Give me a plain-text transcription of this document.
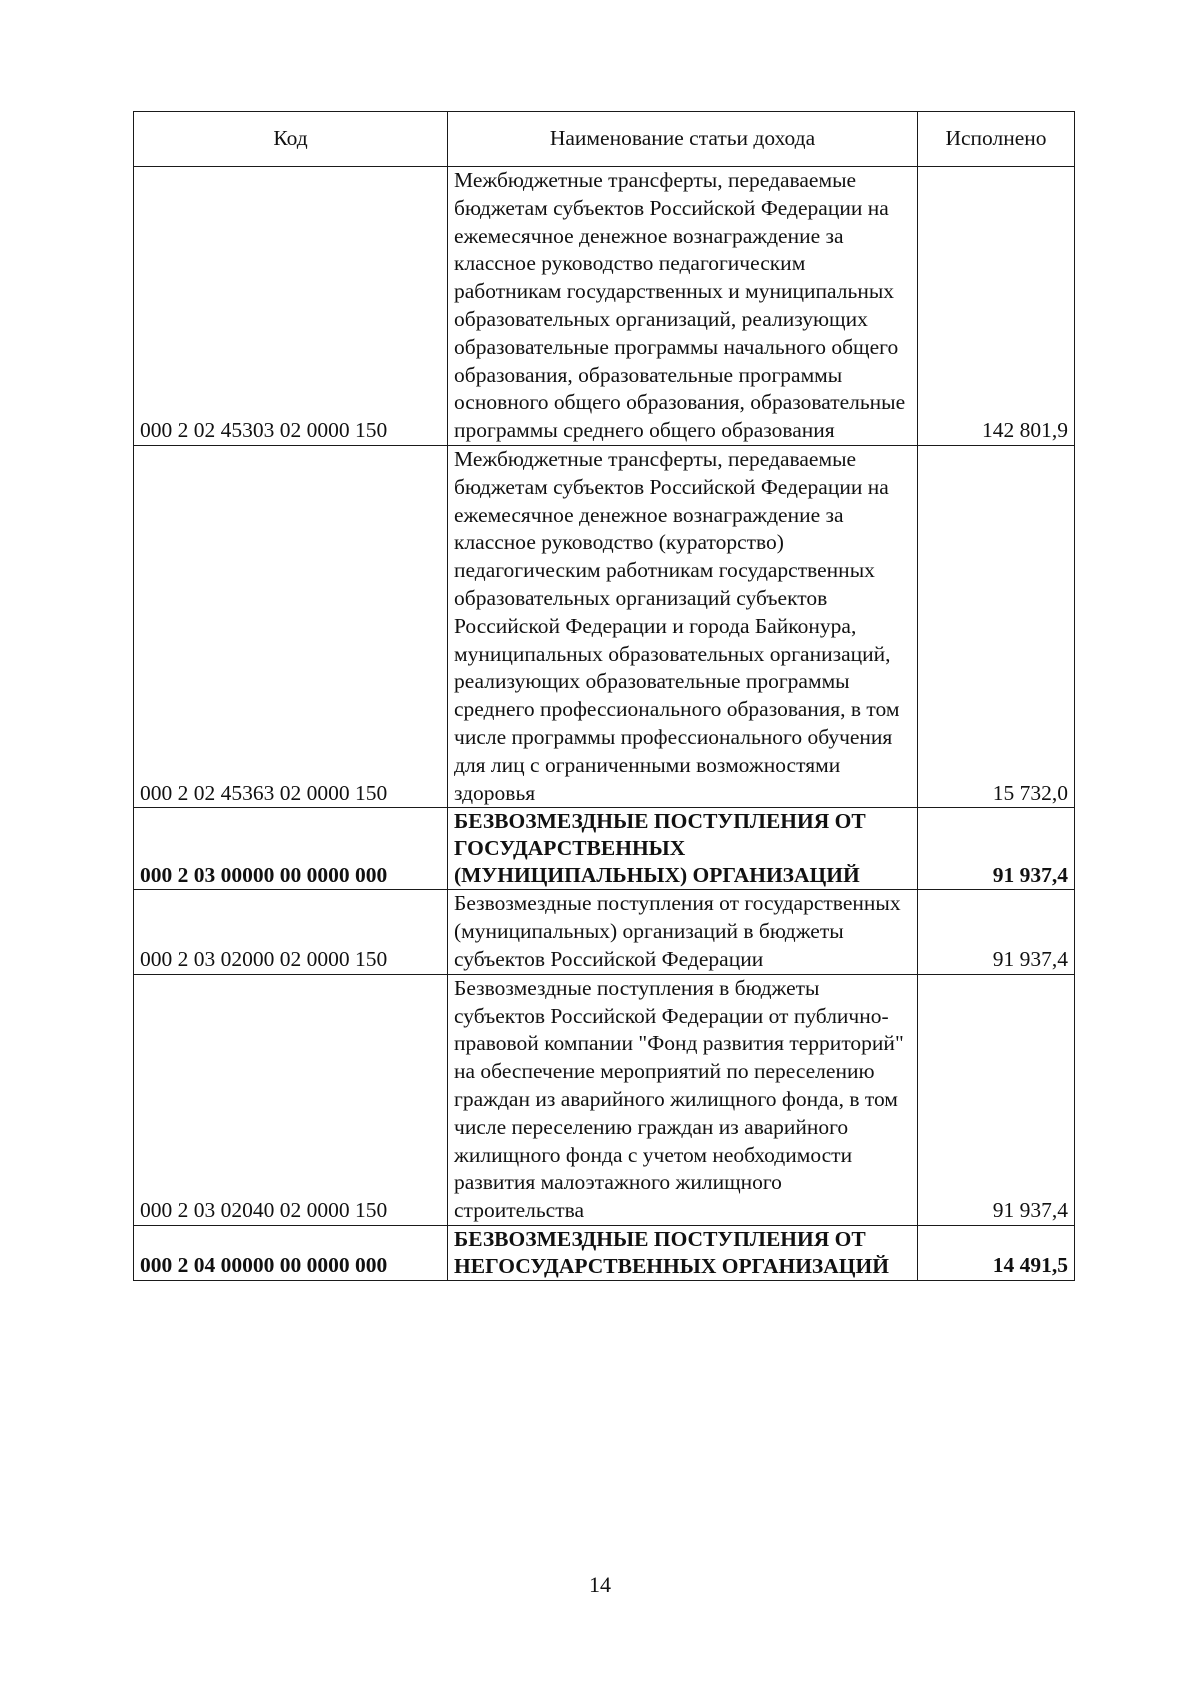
Код	Наименование статьи дохода	Исполнено
000 2 02 45303 02 0000 150	Межбюджетные трансферты, передаваемые бюджетам субъектов Российской Федерации на ежемесячное денежное вознаграждение за классное руководство педагогическим работникам государственных и муниципальных образовательных организаций, реализующих образовательные программы начального общего образования, образовательные программы основного общего образования, образовательные программы среднего общего образования	142 801,9
000 2 02 45363 02 0000 150	Межбюджетные трансферты, передаваемые бюджетам субъектов Российской Федерации на ежемесячное денежное вознаграждение за классное руководство (кураторство) педагогическим работникам государственных образовательных организаций субъектов Российской Федерации и города Байконура, муниципальных образовательных организаций, реализующих образовательные программы среднего профессионального образования, в том числе программы профессионального обучения для лиц с ограниченными возможностями здоровья	15 732,0
000 2 03 00000 00 0000 000	БЕЗВОЗМЕЗДНЫЕ ПОСТУПЛЕНИЯ ОТ ГОСУДАРСТВЕННЫХ (МУНИЦИПАЛЬНЫХ) ОРГАНИЗАЦИЙ	91 937,4
000 2 03 02000 02 0000 150	Безвозмездные поступления от государственных (муниципальных) организаций в бюджеты субъектов Российской Федерации	91 937,4
000 2 03 02040 02 0000 150	Безвозмездные поступления в бюджеты субъектов Российской Федерации от публично-правовой компании "Фонд развития территорий" на обеспечение мероприятий по переселению граждан из аварийного жилищного фонда, в том числе переселению граждан из аварийного жилищного фонда с учетом необходимости развития малоэтажного жилищного строительства	91 937,4
000 2 04 00000 00 0000 000	БЕЗВОЗМЕЗДНЫЕ ПОСТУПЛЕНИЯ ОТ НЕГОСУДАРСТВЕННЫХ ОРГАНИЗАЦИЙ	14 491,5
14
